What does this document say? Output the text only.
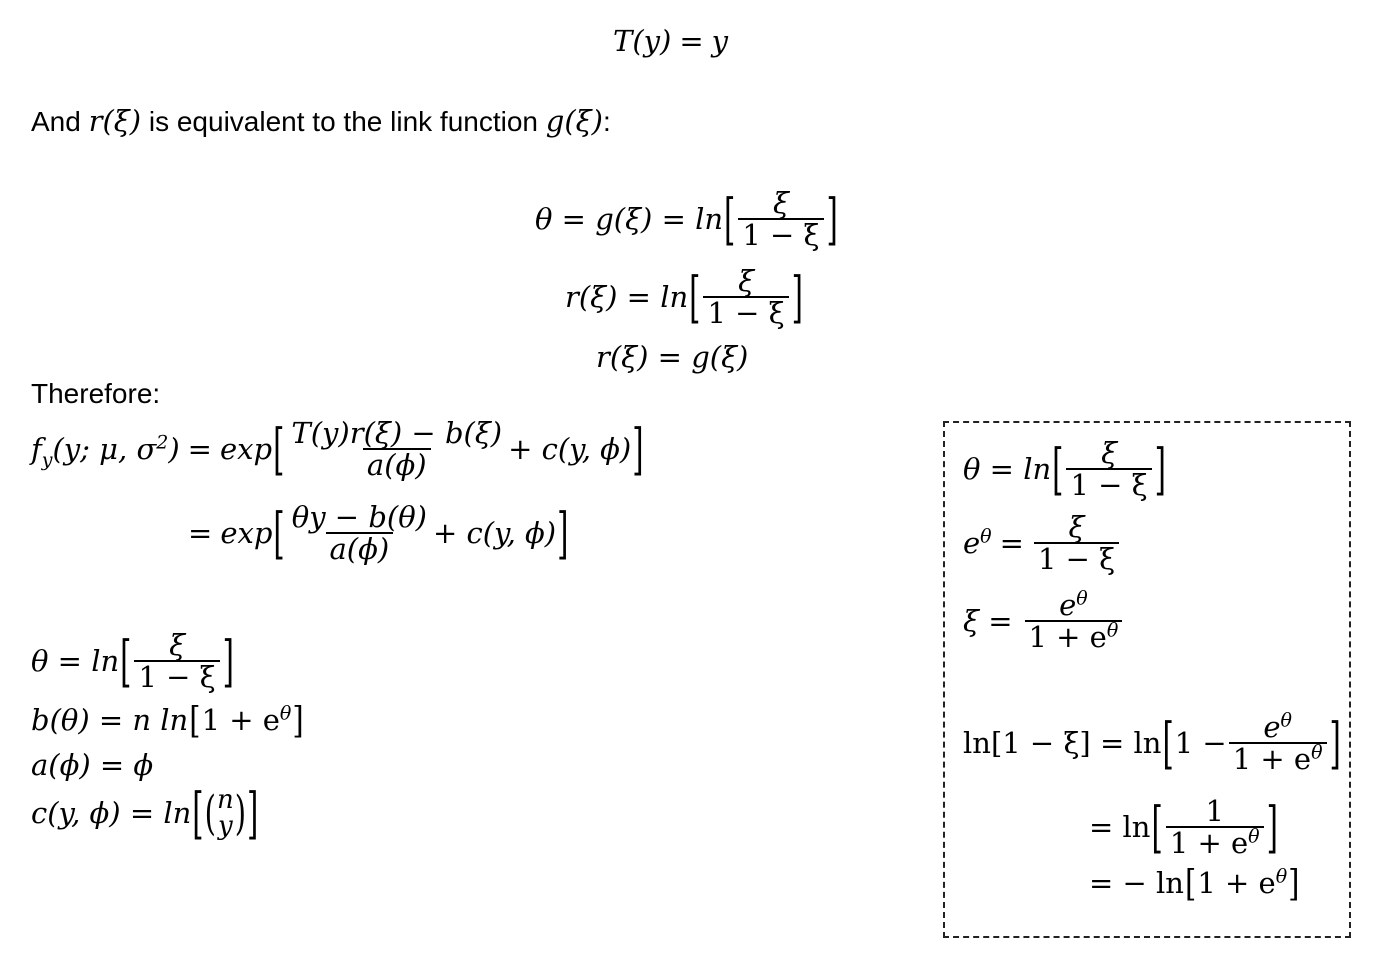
T(y) = y
And r(ξ) is equivalent to the link function g(ξ):
θ = g(ξ) = ln [ $\frac{\xi}{1 - \xi}$ ]
r(ξ) = ln [ $\frac{\xi}{1 - \xi}$ ]
r(ξ) = g(ξ)
Therefore:
$f_y(y$; μ, $\sigma^2) = \exp$ [ $\frac{T(y)r(\xi) - b(\xi)}{a(\phi)} + c(y$, ϕ) ]
= exp [ $\frac{\theta y - b(\theta)}{a(\phi)} + c(y$, ϕ) ]
θ = ln [ $\frac{\xi}{1 - \xi}$ ]
b(θ) = n ln [ $1 + e^\theta$ ]
a(ϕ) = ϕ
c(y, ϕ) = ln [ ( n
y ) ]
θ = ln [ $\frac{\xi}{1 - \xi}$ ]
$e^\theta = \frac{\xi}{1 - \xi}$
$\xi = \frac{e^\theta}{1 + e^\theta}$
ln[1 − ξ] = ln [ $1 - \frac{e^\theta}{1 + e^\theta}$ ]
= ln [ $\frac{1}{1 + e^\theta}$ ]
= − ln [ $1 + e^\theta$ ]
